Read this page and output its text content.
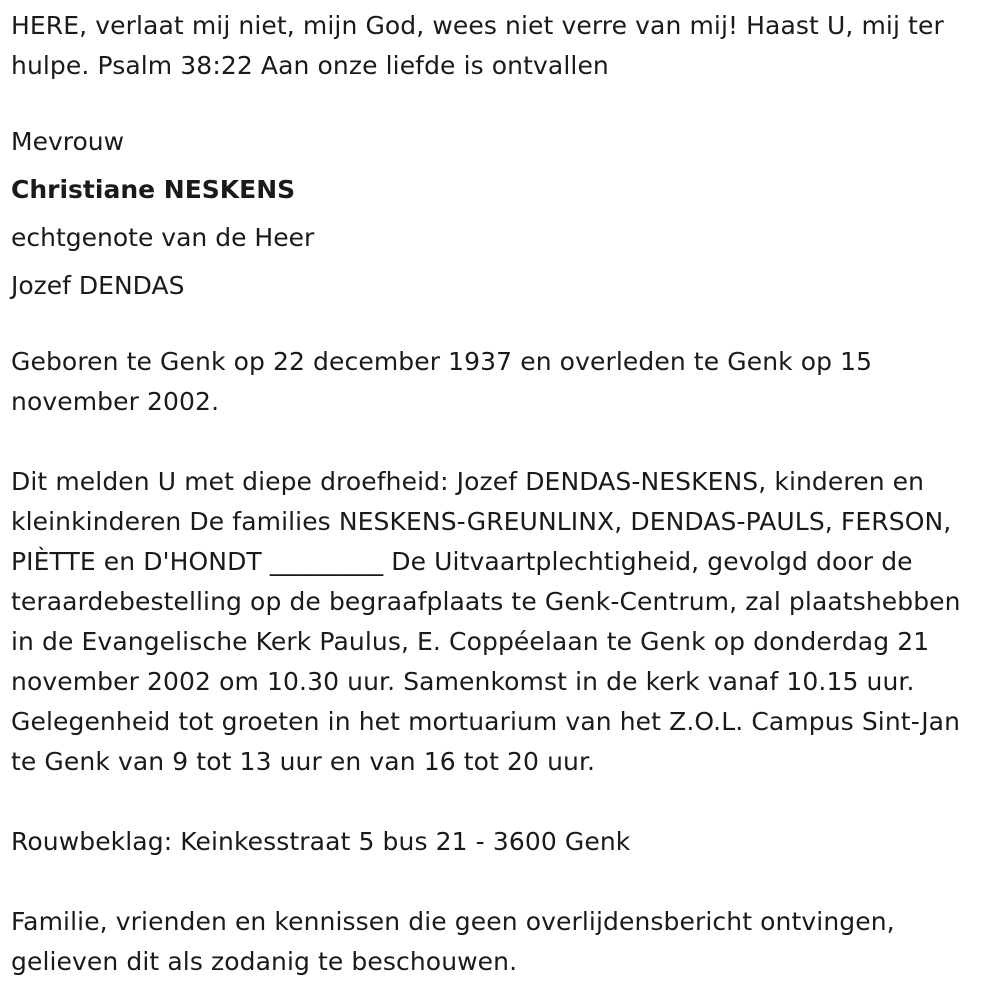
HERE, verlaat mij niet, mijn God, wees niet verre van mij! Haast U, mij ter hulpe. Psalm 38:22 Aan onze liefde is ontvallen

Mevrouw

Christiane NESKENS

echtgenote van de Heer

Jozef DENDAS

Geboren te Genk op 22 december 1937 en overleden te Genk op 15 november 2002.

Dit melden U met diepe droefheid: Jozef DENDAS-NESKENS, kinderen en kleinkinderen De families NESKENS-GREUNLINX, DENDAS-PAULS, FERSON, PIÈTTE en D'HONDT _________ De Uitvaartplechtigheid, gevolgd door de teraardebestelling op de begraafplaats te Genk-Centrum, zal plaatshebben in de Evangelische Kerk Paulus, E. Coppéelaan te Genk op donderdag 21 november 2002 om 10.30 uur. Samenkomst in de kerk vanaf 10.15 uur. Gelegenheid tot groeten in het mortuarium van het Z.O.L. Campus Sint-Jan te Genk van 9 tot 13 uur en van 16 tot 20 uur.

Rouwbeklag: Keinkesstraat 5 bus 21 - 3600 Genk

Familie, vrienden en kennissen die geen overlijdensbericht ontvingen, gelieven dit als zodanig te beschouwen.
